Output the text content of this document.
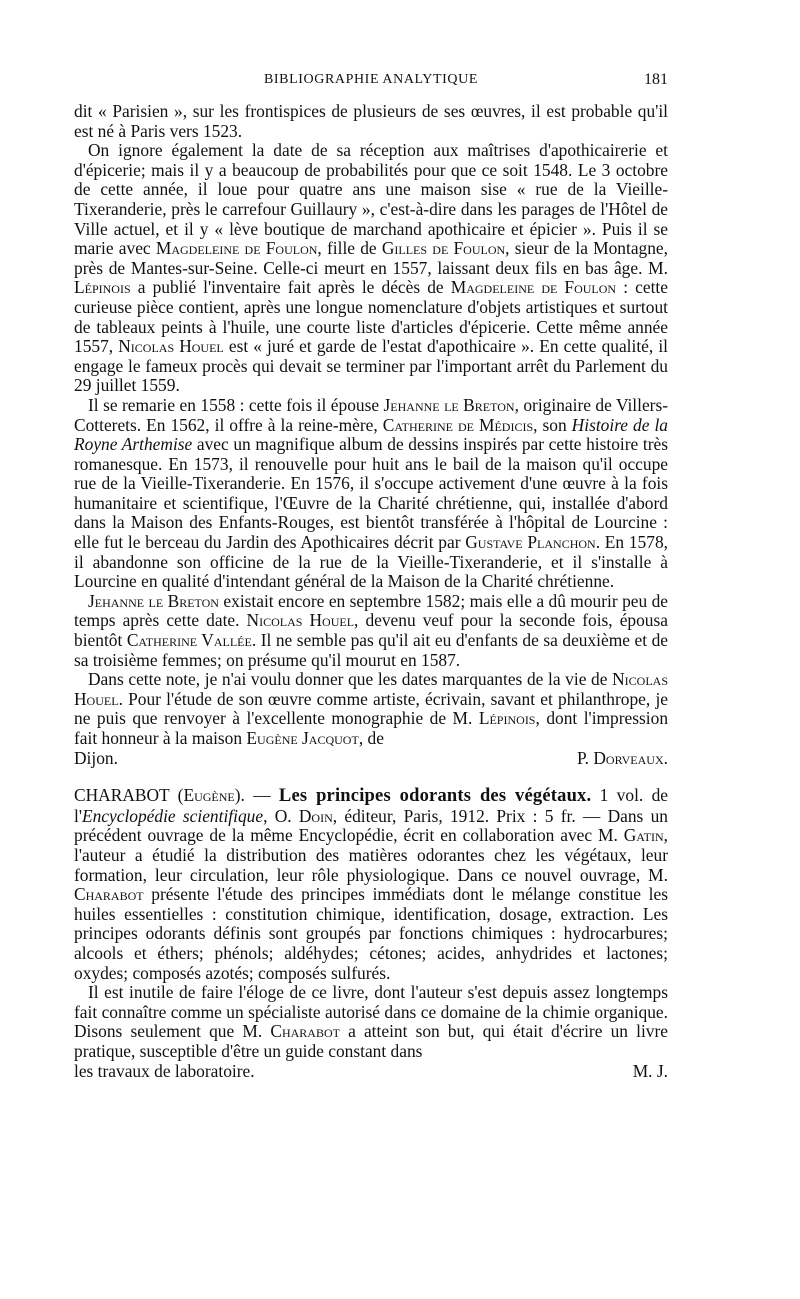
BIBLIOGRAPHIE ANALYTIQUE	181

dit « Parisien », sur les frontispices de plusieurs de ses œuvres, il est probable qu'il est né à Paris vers 1523.

On ignore également la date de sa réception aux maîtrises d'apothicairerie et d'épicerie; mais il y a beaucoup de probabilités pour que ce soit 1548. Le 3 octobre de cette année, il loue pour quatre ans une maison sise « rue de la Vieille-Tixeranderie, près le carrefour Guillaury », c'est-à-dire dans les parages de l'Hôtel de Ville actuel, et il y « lève boutique de marchand apothicaire et épicier ». Puis il se marie avec Magdeleine de Foulon, fille de Gilles de Foulon, sieur de la Montagne, près de Mantes-sur-Seine. Celle-ci meurt en 1557, laissant deux fils en bas âge. M. Lépinois a publié l'inventaire fait après le décès de Magdeleine de Foulon : cette curieuse pièce contient, après une longue nomenclature d'objets artistiques et surtout de tableaux peints à l'huile, une courte liste d'articles d'épicerie. Cette même année 1557, Nicolas Houel est « juré et garde de l'estat d'apothicaire ». En cette qualité, il engage le fameux procès qui devait se terminer par l'important arrêt du Parlement du 29 juillet 1559.

Il se remarie en 1558 : cette fois il épouse Jehanne le Breton, originaire de Villers-Cotterets. En 1562, il offre à la reine-mère, Catherine de Médicis, son Histoire de la Royne Arthemise avec un magnifique album de dessins inspirés par cette histoire très romanesque. En 1573, il renouvelle pour huit ans le bail de la maison qu'il occupe rue de la Vieille-Tixeranderie. En 1576, il s'occupe activement d'une œuvre à la fois humanitaire et scientifique, l'Œuvre de la Charité chrétienne, qui, installée d'abord dans la Maison des Enfants-Rouges, est bientôt transférée à l'hôpital de Lourcine : elle fut le berceau du Jardin des Apothicaires décrit par Gustave Planchon. En 1578, il abandonne son officine de la rue de la Vieille-Tixeranderie, et il s'installe à Lourcine en qualité d'intendant général de la Maison de la Charité chrétienne.

Jehanne le Breton existait encore en septembre 1582; mais elle a dû mourir peu de temps après cette date. Nicolas Houel, devenu veuf pour la seconde fois, épousa bientôt Catherine Vallée. Il ne semble pas qu'il ait eu d'enfants de sa deuxième et de sa troisième femmes; on présume qu'il mourut en 1587.

Dans cette note, je n'ai voulu donner que les dates marquantes de la vie de Nicolas Houel. Pour l'étude de son œuvre comme artiste, écrivain, savant et philanthrope, je ne puis que renvoyer à l'excellente monographie de M. Lépinois, dont l'impression fait honneur à la maison Eugène Jacquot, de

Dijon.	P. Dorveaux.

CHARABOT (Eugène). — Les principes odorants des végétaux. 1 vol. de l'Encyclopédie scientifique, O. Doin, éditeur, Paris, 1912. Prix : 5 fr. — Dans un précédent ouvrage de la même Encyclopédie, écrit en collaboration avec M. Gatin, l'auteur a étudié la distribution des matières odorantes chez les végétaux, leur formation, leur circulation, leur rôle physiologique. Dans ce nouvel ouvrage, M. Charabot présente l'étude des principes immédiats dont le mélange constitue les huiles essentielles : constitution chimique, identification, dosage, extraction. Les principes odorants définis sont groupés par fonctions chimiques : hydrocarbures; alcools et éthers; phénols; aldéhydes; cétones; acides, anhydrides et lactones; oxydes; composés azotés; composés sulfurés.

Il est inutile de faire l'éloge de ce livre, dont l'auteur s'est depuis assez longtemps fait connaître comme un spécialiste autorisé dans ce domaine de la chimie organique. Disons seulement que M. Charabot a atteint son but, qui était d'écrire un livre pratique, susceptible d'être un guide constant dans

les travaux de laboratoire.	M. J.
